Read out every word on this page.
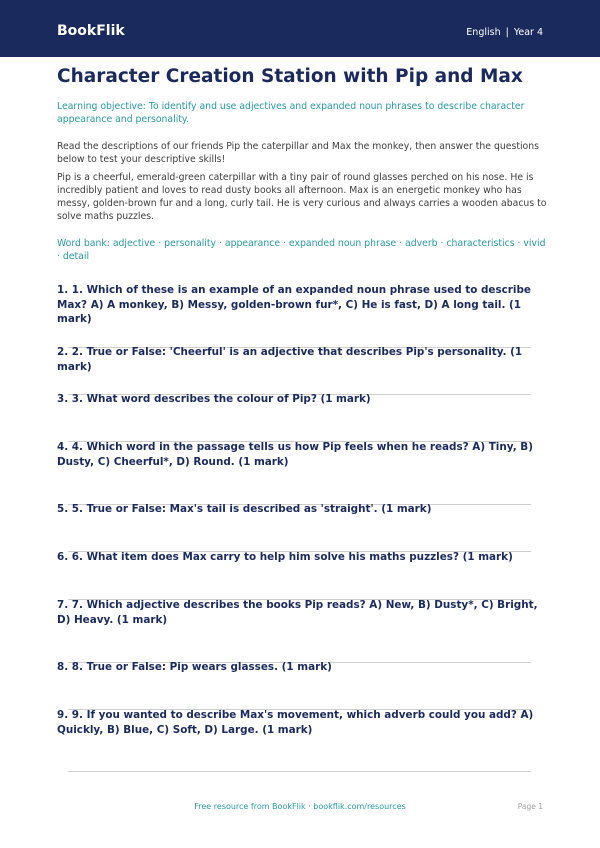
BookFlik	English | Year 4
Character Creation Station with Pip and Max

Learning objective: To identify and use adjectives and expanded noun phrases to describe character appearance and personality.

Read the descriptions of our friends Pip the caterpillar and Max the monkey, then answer the questions below to test your descriptive skills!

Pip is a cheerful, emerald-green caterpillar with a tiny pair of round glasses perched on his nose. He is incredibly patient and loves to read dusty books all afternoon. Max is an energetic monkey who has messy, golden-brown fur and a long, curly tail. He is very curious and always carries a wooden abacus to solve maths puzzles.

Word bank: adjective · personality · appearance · expanded noun phrase · adverb · characteristics · vivid · detail

1. 1. Which of these is an example of an expanded noun phrase used to describe Max? A) A monkey, B) Messy, golden-brown fur*, C) He is fast, D) A long tail. (1 mark)

2. 2. True or False: 'Cheerful' is an adjective that describes Pip's personality. (1 mark)

3. 3. What word describes the colour of Pip? (1 mark)

4. 4. Which word in the passage tells us how Pip feels when he reads? A) Tiny, B) Dusty, C) Cheerful*, D) Round. (1 mark)

5. 5. True or False: Max's tail is described as 'straight'. (1 mark)

6. 6. What item does Max carry to help him solve his maths puzzles? (1 mark)

7. 7. Which adjective describes the books Pip reads? A) New, B) Dusty*, C) Bright, D) Heavy. (1 mark)

8. 8. True or False: Pip wears glasses. (1 mark)

9. 9. If you wanted to describe Max's movement, which adverb could you add? A) Quickly, B) Blue, C) Soft, D) Large. (1 mark)

Free resource from BookFlik · bookflik.com/resources	Page 1
